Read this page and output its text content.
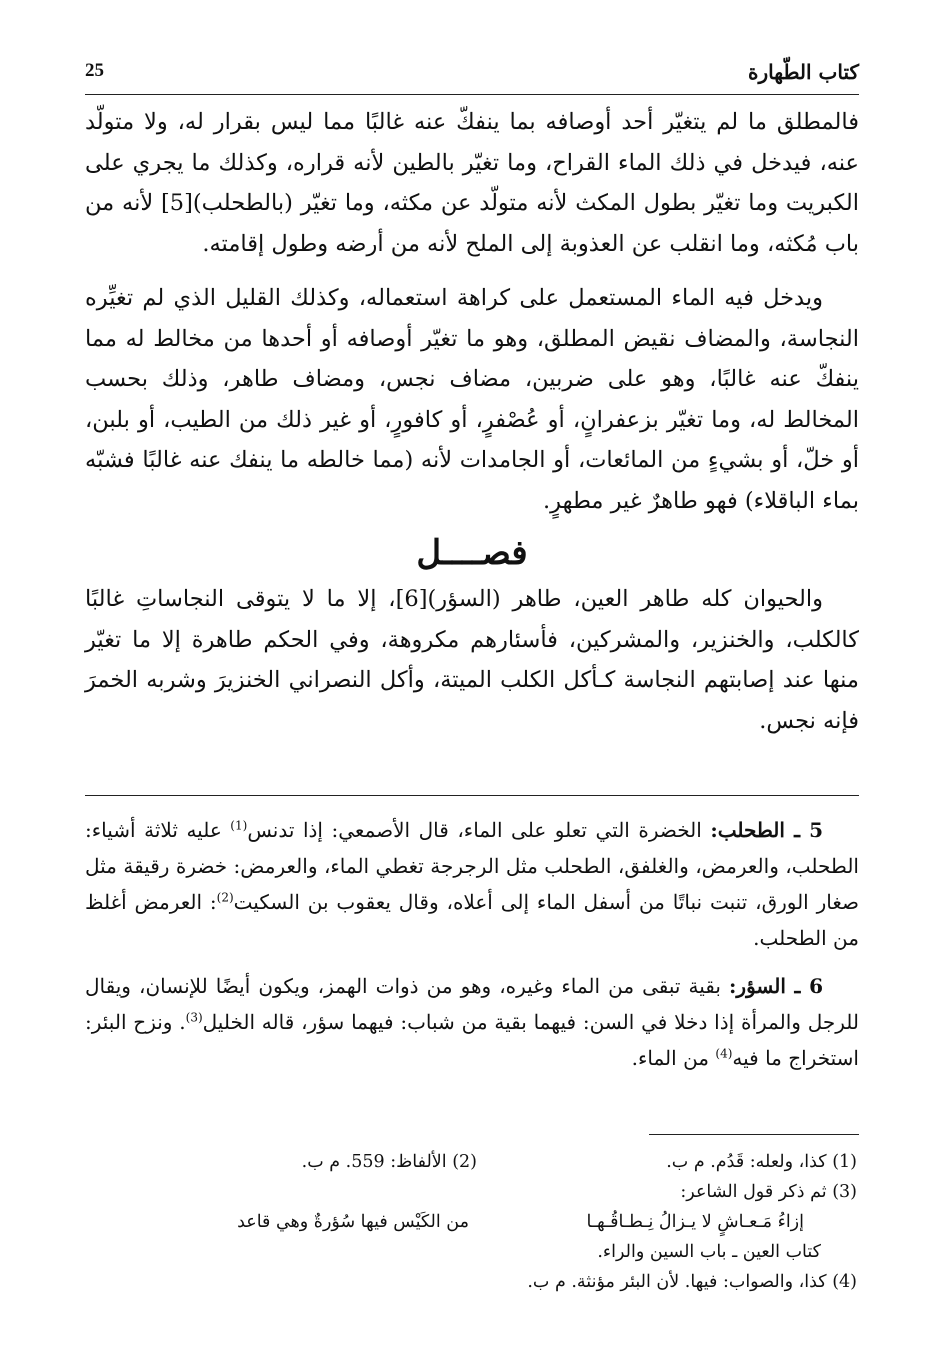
كتاب الطّهارة
25

فالمطلق ما لم يتغيّر أحد أوصافه بما ينفكّ عنه غالبًا مما ليس بقرار له، ولا متولّد عنه، فيدخل في ذلك الماء القراح، وما تغيّر بالطين لأنه قراره، وكذلك ما يجري على الكبريت وما تغيّر بطول المكث لأنه متولّد عن مكثه، وما تغيّر (بالطحلب)[5] لأنه من باب مُكثه، وما انقلب عن العذوبة إلى الملح لأنه من أرضه وطول إقامته.

ويدخل فيه الماء المستعمل على كراهة استعماله، وكذلك القليل الذي لم تغيِّره النجاسة، والمضاف نقيض المطلق، وهو ما تغيّر أوصافه أو أحدها من مخالط له مما ينفكّ عنه غالبًا، وهو على ضربين، مضاف نجس، ومضاف طاهر، وذلك بحسب المخالط له، وما تغيّر بزعفرانٍ، أو عُصْفرٍ، أو كافورٍ، أو غير ذلك من الطيب، أو بلبن، أو خلّ، أو بشيءٍ من المائعات، أو الجامدات لأنه (مما خالطه ما ينفك عنه غالبًا فشبّه بماء الباقلاء) فهو طاهرٌ غير مطهرٍ.

فصــــل

والحيوان كله طاهر العين، طاهر (السؤر)[6]، إلا ما لا يتوقى النجاساتِ غالبًا كالكلب، والخنزير، والمشركين، فأسئارهم مكروهة، وفي الحكم طاهرة إلا ما تغيّر منها عند إصابتهم النجاسة كـأكل الكلب الميتة، وأكل النصراني الخنزيرَ وشربه الخمرَ فإنه نجس.

5 ـ الطحلب: الخضرة التي تعلو على الماء، قال الأصمعي: إذا تدنس$^{(1)}$ عليه ثلاثة أشياء: الطحلب، والعرمض، والغلفق، الطحلب مثل الرجرجة تغطي الماء، والعرمض: خضرة رقيقة مثل صغار الورق، تنبت نباتًا من أسفل الماء إلى أعلاه، وقال يعقوب بن السكيت$^{(2)}$: العرمض أغلظ من الطحلب.

6 ـ السؤر: بقية تبقى من الماء وغيره، وهو من ذوات الهمز، ويكون أيضًا للإنسان، ويقال للرجل والمرأة إذا دخلا في السن: فيهما بقية من شباب: فيهما سؤر، قاله الخليل$^{(3)}$. ونزح البئر: استخراج ما فيه$^{(4)}$ من الماء.

(1) كذا، ولعله: قَدُم. م ب.
(2) الألفاظ: 559. م ب.
(3) ثم ذكر قول الشاعر:
إزاءُ مَـعـاشٍ لا يـزالُ نِـطـاقُـهـا
من الكَيْس فيها سُؤرةٌ وهي قاعد
كتاب العين ـ باب السين والراء.
(4) كذا، والصواب: فيها. لأن البئر مؤنثة. م ب.
